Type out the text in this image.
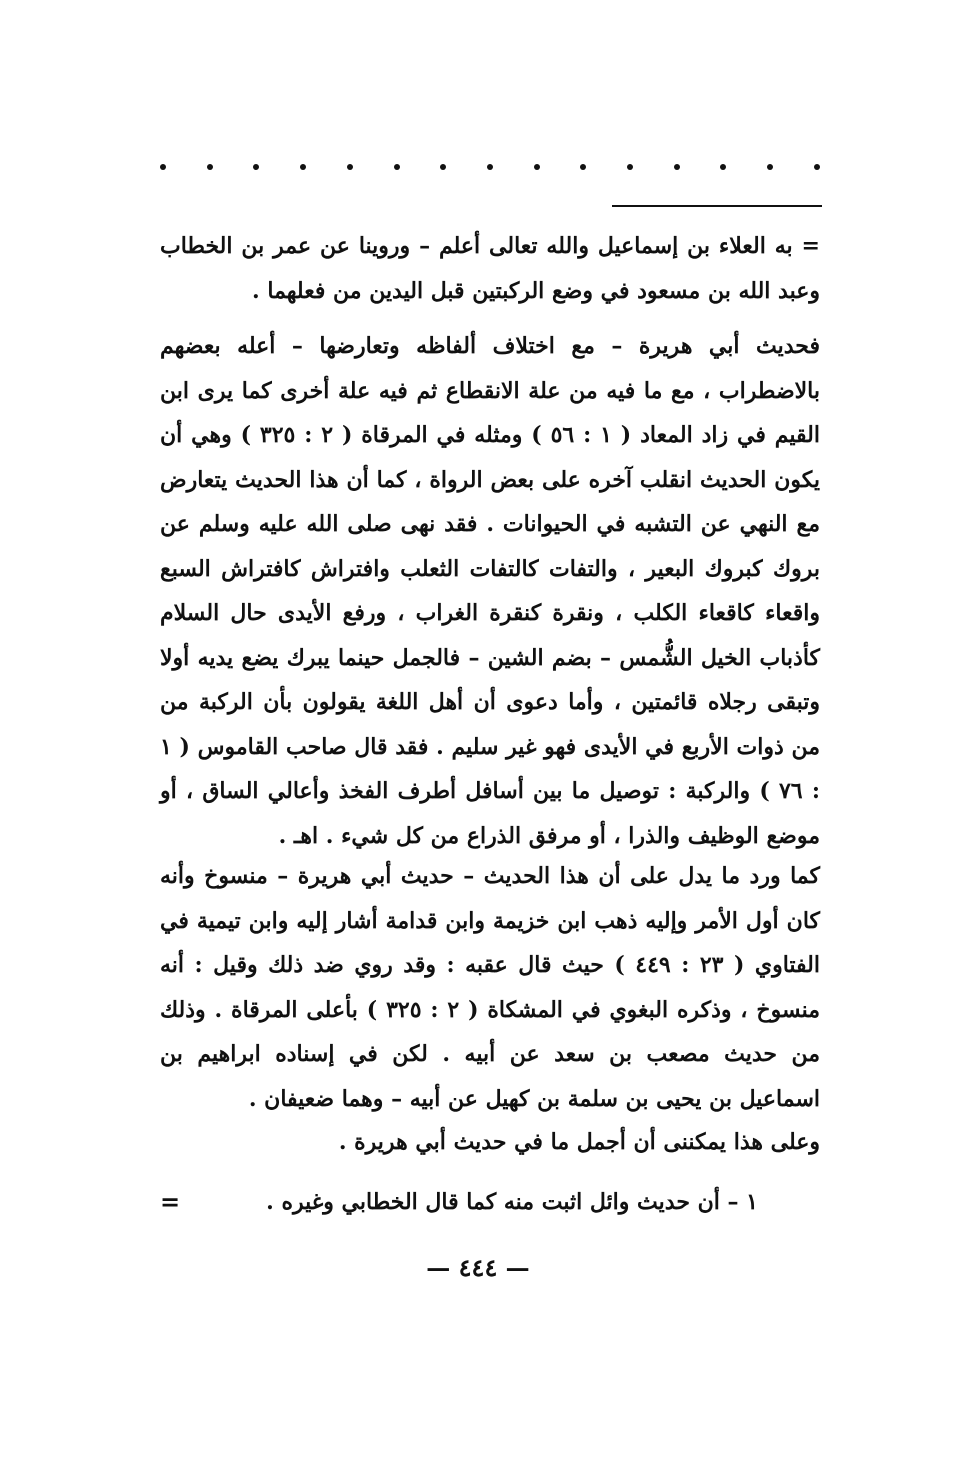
= به العلاء بن إسماعيل والله تعالى أعلم – وروينا عن عمر بن الخطاب وعبد الله بن مسعود في وضع الركبتين قبل اليدين من فعلهما .
فحديث أبي هريرة – مع اختلاف ألفاظه وتعارضها – أعله بعضهم بالاضطراب ، مع ما فيه من علة الانقطاع ثم فيه علة أخرى كما يرى ابن القيم في زاد المعاد ( ١ : ٥٦ ) ومثله في المرقاة ( ٢ : ٣٢٥ ) وهي أن يكون الحديث انقلب آخره على بعض الرواة ، كما أن هذا الحديث يتعارض مع النهي عن التشبه في الحيوانات . فقد نهى صلى الله عليه وسلم عن بروك كبروك البعير ، والتفات كالتفات الثعلب وافتراش كافتراش السبع واقعاء كاقعاء الكلب ، ونقرة كنقرة الغراب ، ورفع الأيدى حال السلام كأذباب الخيل الشُّمس – بضم الشين – فالجمل حينما يبرك يضع يديه أولا وتبقى رجلاه قائمتين ، وأما دعوى أن أهل اللغة يقولون بأن الركبة من من ذوات الأربع في الأيدى فهو غير سليم . فقد قال صاحب القاموس ( ١ : ٧٦ ) والركبة : توصيل ما بين أسافل أطرف الفخذ وأعالي الساق ، أو موضع الوظيف والذرا ، أو مرفق الذراع من كل شيء . اهـ .
كما ورد ما يدل على أن هذا الحديث – حديث أبي هريرة – منسوخ وأنه كان أول الأمر وإليه ذهب ابن خزيمة وابن قدامة أشار إليه وابن تيمية في الفتاوي ( ٢٣ : ٤٤٩ ) حيث قال عقبه : وقد روي ضد ذلك وقيل : أنه منسوخ ، وذكره البغوي في المشكاة ( ٢ : ٣٢٥ ) بأعلى المرقاة . وذلك من حديث مصعب بن سعد عن أبيه . لكن في إسناده ابراهيم بن اسماعيل بن يحيى بن سلمة بن كهيل عن أبيه – وهما ضعيفان .
وعلى هذا يمكننى أن أجمل ما في حديث أبي هريرة .
١ – أن حديث وائل اثبت منه كما قال الخطابي وغيره .
=
— ٤٤٤ —
